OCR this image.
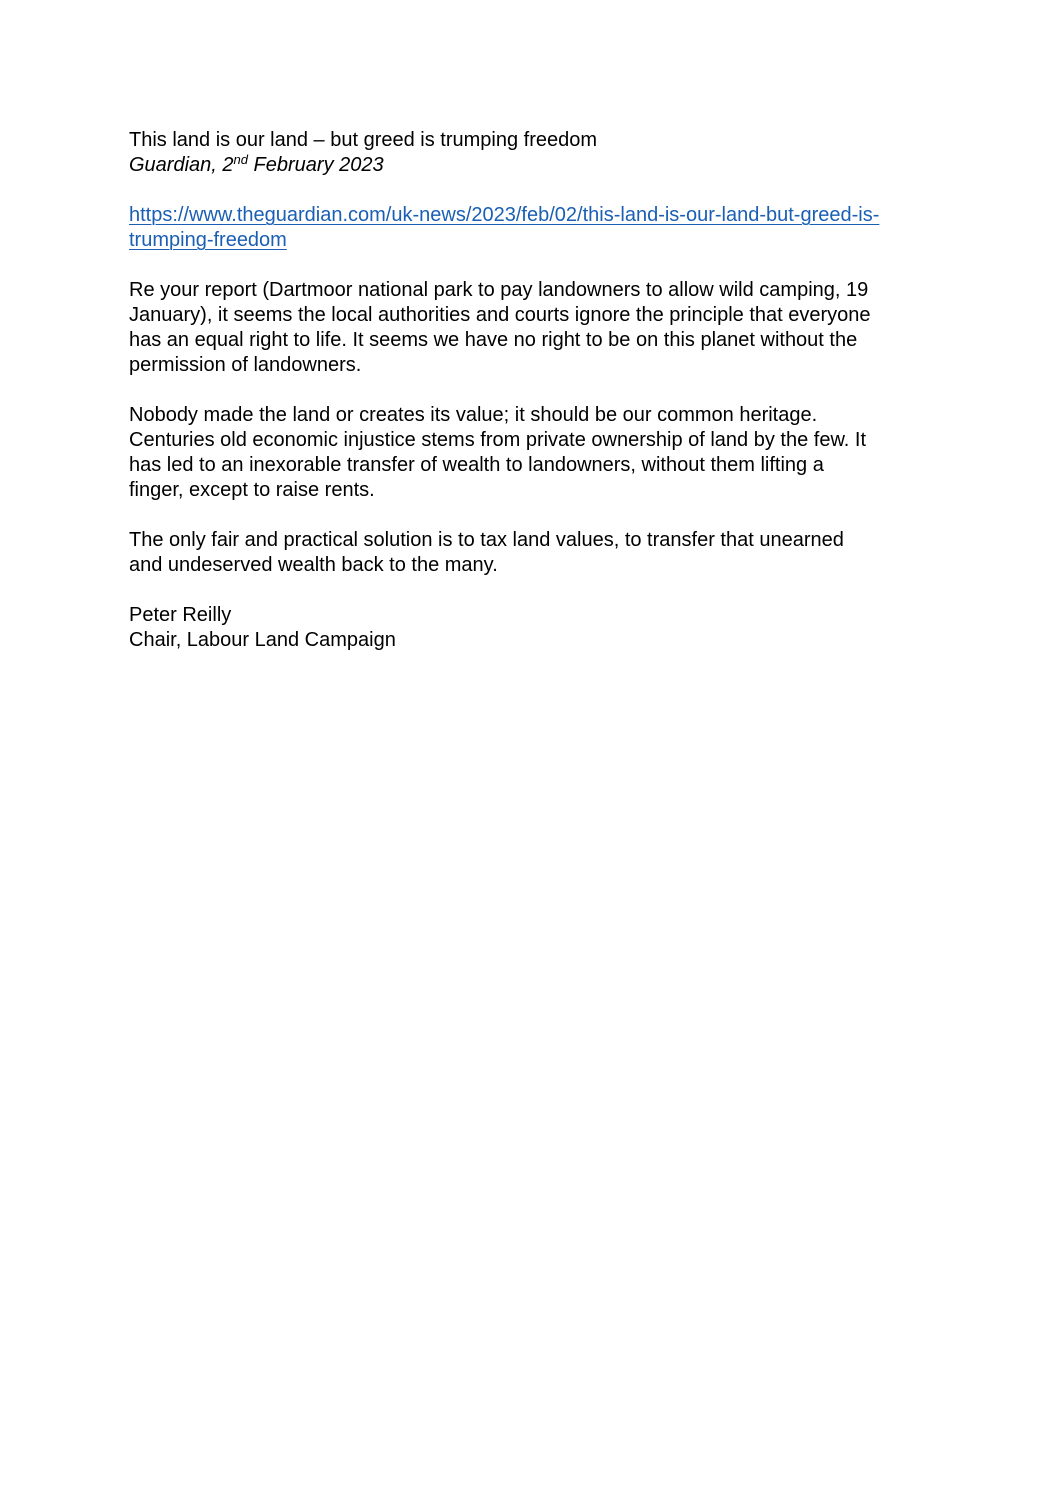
This land is our land – but greed is trumping freedom
Guardian, 2nd February 2023
https://www.theguardian.com/uk-news/2023/feb/02/this-land-is-our-land-but-greed-is-
trumping-freedom

Re your report (Dartmoor national park to pay landowners to allow wild camping, 19
January), it seems the local authorities and courts ignore the principle that everyone
has an equal right to life. It seems we have no right to be on this planet without the
permission of landowners.

Nobody made the land or creates its value; it should be our common heritage.
Centuries old economic injustice stems from private ownership of land by the few. It
has led to an inexorable transfer of wealth to landowners, without them lifting a
finger, except to raise rents.

The only fair and practical solution is to tax land values, to transfer that unearned
and undeserved wealth back to the many.

Peter Reilly
Chair, Labour Land Campaign
